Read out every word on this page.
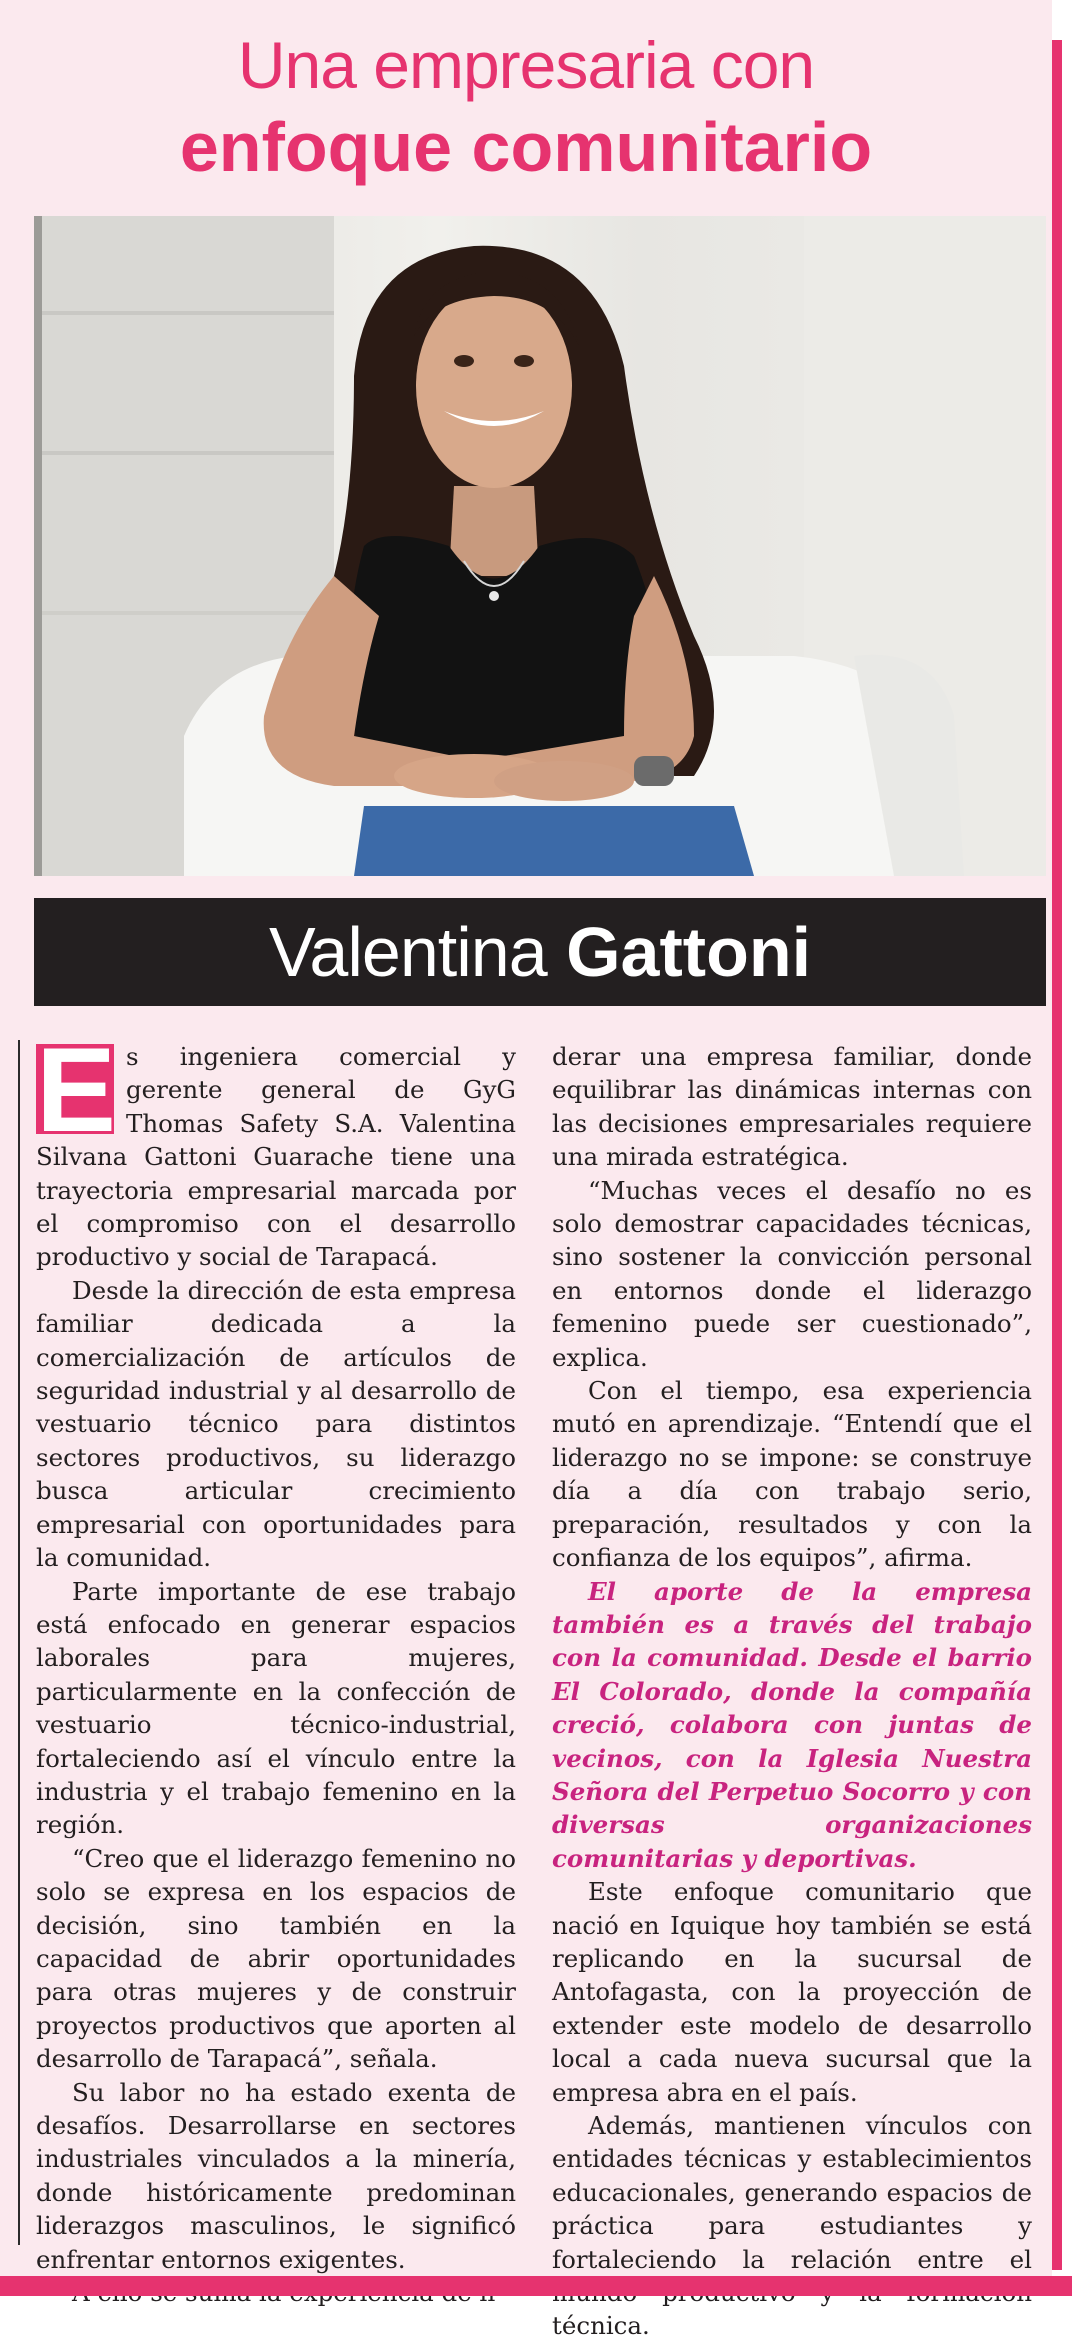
Una empresaria con
enfoque comunitario
Valentina Gattoni

E s ingeniera comercial y gerente general de GyG Thomas Safety S.A. Valentina Silvana Gattoni Guarache tiene una trayectoria empresarial marcada por el compromiso con el desarrollo productivo y social de Tarapacá.

Desde la dirección de esta empresa familiar dedicada a la comercialización de artículos de seguridad industrial y al desarrollo de vestuario técnico para distintos sectores productivos, su liderazgo busca articular crecimiento empresarial con oportunidades para la comunidad.

Parte importante de ese trabajo está enfocado en generar espacios laborales para mujeres, particularmente en la confección de vestuario técnico-industrial, fortaleciendo así el vínculo entre la industria y el trabajo femenino en la región.

“Creo que el liderazgo femenino no solo se expresa en los espacios de decisión, sino también en la capacidad de abrir oportunidades para otras mujeres y de construir proyectos productivos que aporten al desarrollo de Tarapacá”, señala.

Su labor no ha estado exenta de desafíos. Desarrollarse en sectores industriales vinculados a la minería, donde históricamente predominan liderazgos masculinos, le significó enfrentar entornos exigentes.

derar una empresa familiar, donde equilibrar las dinámicas internas con las decisiones empresariales requiere una mirada estratégica.

“Muchas veces el desafío no es solo demostrar capacidades técnicas, sino sostener la convicción personal en entornos donde el liderazgo femenino puede ser cuestionado”, explica.

Con el tiempo, esa experiencia mutó en aprendizaje. “Entendí que el liderazgo no se impone: se construye día a día con trabajo serio, preparación, resultados y con la confianza de los equipos”, afirma.

El aporte de la empresa también es a través del trabajo con la comunidad. Desde el barrio El Colorado, donde la compañía creció, colabora con juntas de vecinos, con la Iglesia Nuestra Señora del Perpetuo Socorro y con diversas organizaciones comunitarias y deportivas.

Este enfoque comunitario que nació en Iquique hoy también se está replicando en la sucursal de Antofagasta, con la proyección de extender este modelo de desarrollo local a cada nueva sucursal que la empresa abra en el país.

Además, mantienen vínculos con entidades técnicas y establecimientos educacionales, generando espacios de práctica para estudiantes y fortaleciendo la relación entre el técnica.
